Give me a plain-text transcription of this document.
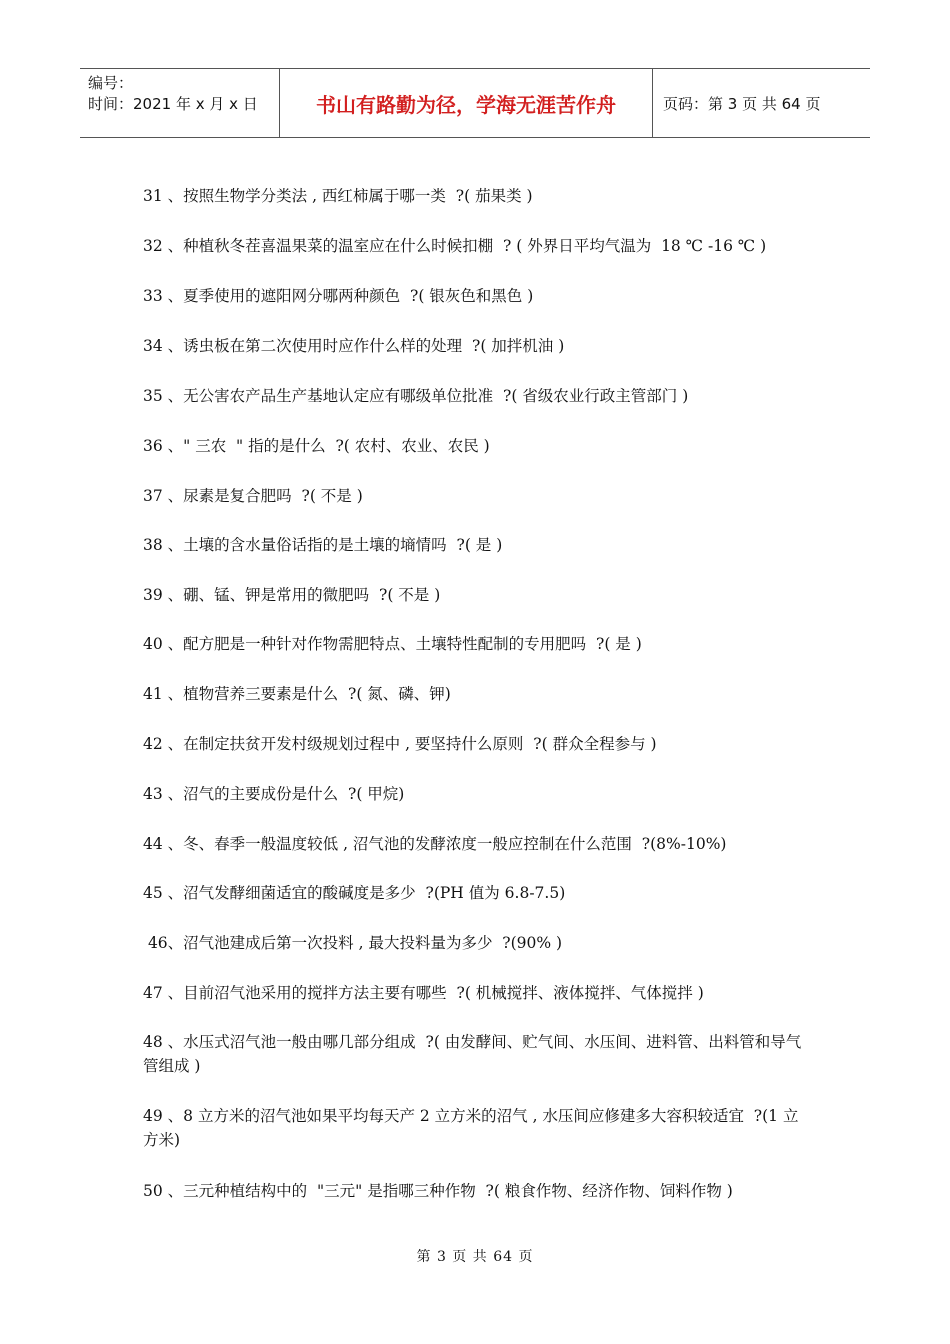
编号：
时间：2021 年 x 月 x 日	书山有路勤为径，学海无涯苦作舟	页码：第 3 页 共 64 页
31 、按照生物学分类法 , 西红柿属于哪一类  ?( 茄果类 )
32 、种植秋冬茬喜温果菜的温室应在什么时候扣棚  ? ( 外界日平均气温为  18 ℃ -16 ℃ )
33 、夏季使用的遮阳网分哪两种颜色  ?( 银灰色和黑色 )
34 、诱虫板在第二次使用时应作什么样的处理  ?( 加拌机油 )
35 、无公害农产品生产基地认定应有哪级单位批准  ?( 省级农业行政主管部门 )
36 、" 三农  " 指的是什么  ?( 农村、农业、农民 )
37 、尿素是复合肥吗  ?( 不是 )
38 、土壤的含水量俗话指的是土壤的墒情吗  ?( 是 )
39 、硼、锰、钾是常用的微肥吗  ?( 不是 )
40 、配方肥是一种针对作物需肥特点、土壤特性配制的专用肥吗  ?( 是 )
41 、植物营养三要素是什么  ?( 氮、磷、钾)
42 、在制定扶贫开发村级规划过程中 , 要坚持什么原则  ?( 群众全程参与 )
43 、沼气的主要成份是什么  ?( 甲烷)
44 、冬、春季一般温度较低 , 沼气池的发酵浓度一般应控制在什么范围  ?(8%-10%)
45 、沼气发酵细菌适宜的酸碱度是多少  ?(PH 值为 6.8-7.5)
46、沼气池建成后第一次投料 , 最大投料量为多少  ?(90% )
47 、目前沼气池采用的搅拌方法主要有哪些  ?( 机械搅拌、液体搅拌、气体搅拌 )
48 、水压式沼气池一般由哪几部分组成  ?( 由发酵间、贮气间、水压间、进料管、出料管和导气管组成 )
49 、8 立方米的沼气池如果平均每天产 2 立方米的沼气 , 水压间应修建多大容积较适宜  ?(1 立方米)
50 、三元种植结构中的  "三元" 是指哪三种作物  ?( 粮食作物、经济作物、饲料作物 )
第 3 页 共 64 页
